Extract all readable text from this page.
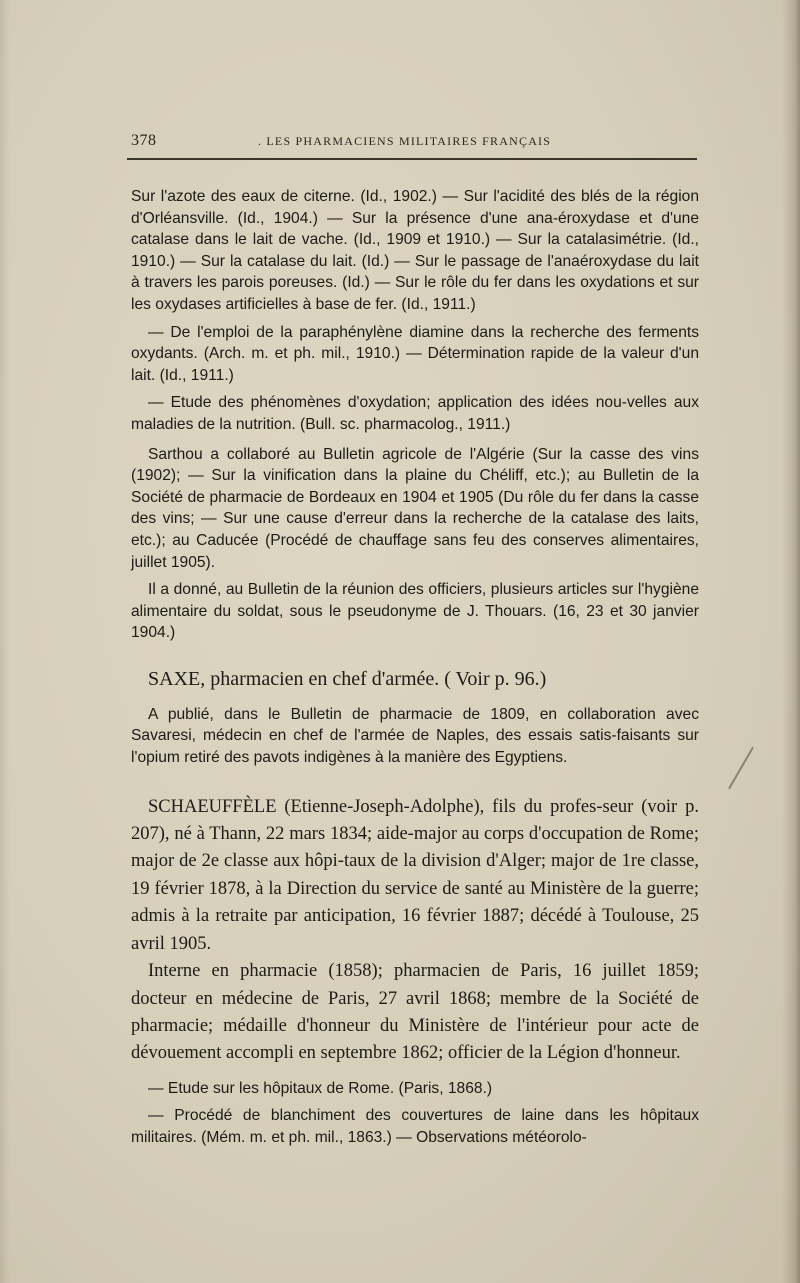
378	. LES PHARMACIENS MILITAIRES FRANÇAIS

Sur l'azote des eaux de citerne. (Id., 1902.) — Sur l'acidité des blés de la région d'Orléansville. (Id., 1904.) — Sur la présence d'une ana-éroxydase et d'une catalase dans le lait de vache. (Id., 1909 et 1910.) — Sur la catalasimétrie. (Id., 1910.) — Sur la catalase du lait. (Id.) — Sur le passage de l'anaéroxydase du lait à travers les parois poreuses. (Id.) — Sur le rôle du fer dans les oxydations et sur les oxydases artificielles à base de fer. (Id., 1911.)

— De l'emploi de la paraphénylène diamine dans la recherche des ferments oxydants. (Arch. m. et ph. mil., 1910.) — Détermination rapide de la valeur d'un lait. (Id., 1911.)

— Etude des phénomènes d'oxydation; application des idées nou-velles aux maladies de la nutrition. (Bull. sc. pharmacolog., 1911.)

Sarthou a collaboré au Bulletin agricole de l'Algérie (Sur la casse des vins (1902); — Sur la vinification dans la plaine du Chéliff, etc.); au Bulletin de la Société de pharmacie de Bordeaux en 1904 et 1905 (Du rôle du fer dans la casse des vins; — Sur une cause d'erreur dans la recherche de la catalase des laits, etc.); au Caducée (Procédé de chauffage sans feu des conserves alimentaires, juillet 1905).

Il a donné, au Bulletin de la réunion des officiers, plusieurs articles sur l'hygiène alimentaire du soldat, sous le pseudonyme de J. Thouars. (16, 23 et 30 janvier 1904.)

SAXE, pharmacien en chef d'armée. ( Voir p. 96.)

A publié, dans le Bulletin de pharmacie de 1809, en collaboration avec Savaresi, médecin en chef de l'armée de Naples, des essais satis-faisants sur l'opium retiré des pavots indigènes à la manière des Egyptiens.

SCHAEUFFÈLE (Etienne-Joseph-Adolphe), fils du profes-seur (voir p. 207), né à Thann, 22 mars 1834; aide-major au corps d'occupation de Rome; major de 2e classe aux hôpi-taux de la division d'Alger; major de 1re classe, 19 février 1878, à la Direction du service de santé au Ministère de la guerre; admis à la retraite par anticipation, 16 février 1887; décédé à Toulouse, 25 avril 1905.

Interne en pharmacie (1858); pharmacien de Paris, 16 juillet 1859; docteur en médecine de Paris, 27 avril 1868; membre de la Société de pharmacie; médaille d'honneur du Ministère de l'intérieur pour acte de dévouement accompli en septembre 1862; officier de la Légion d'honneur.

— Etude sur les hôpitaux de Rome. (Paris, 1868.)

— Procédé de blanchiment des couvertures de laine dans les hôpitaux militaires. (Mém. m. et ph. mil., 1863.) — Observations météorolo-
